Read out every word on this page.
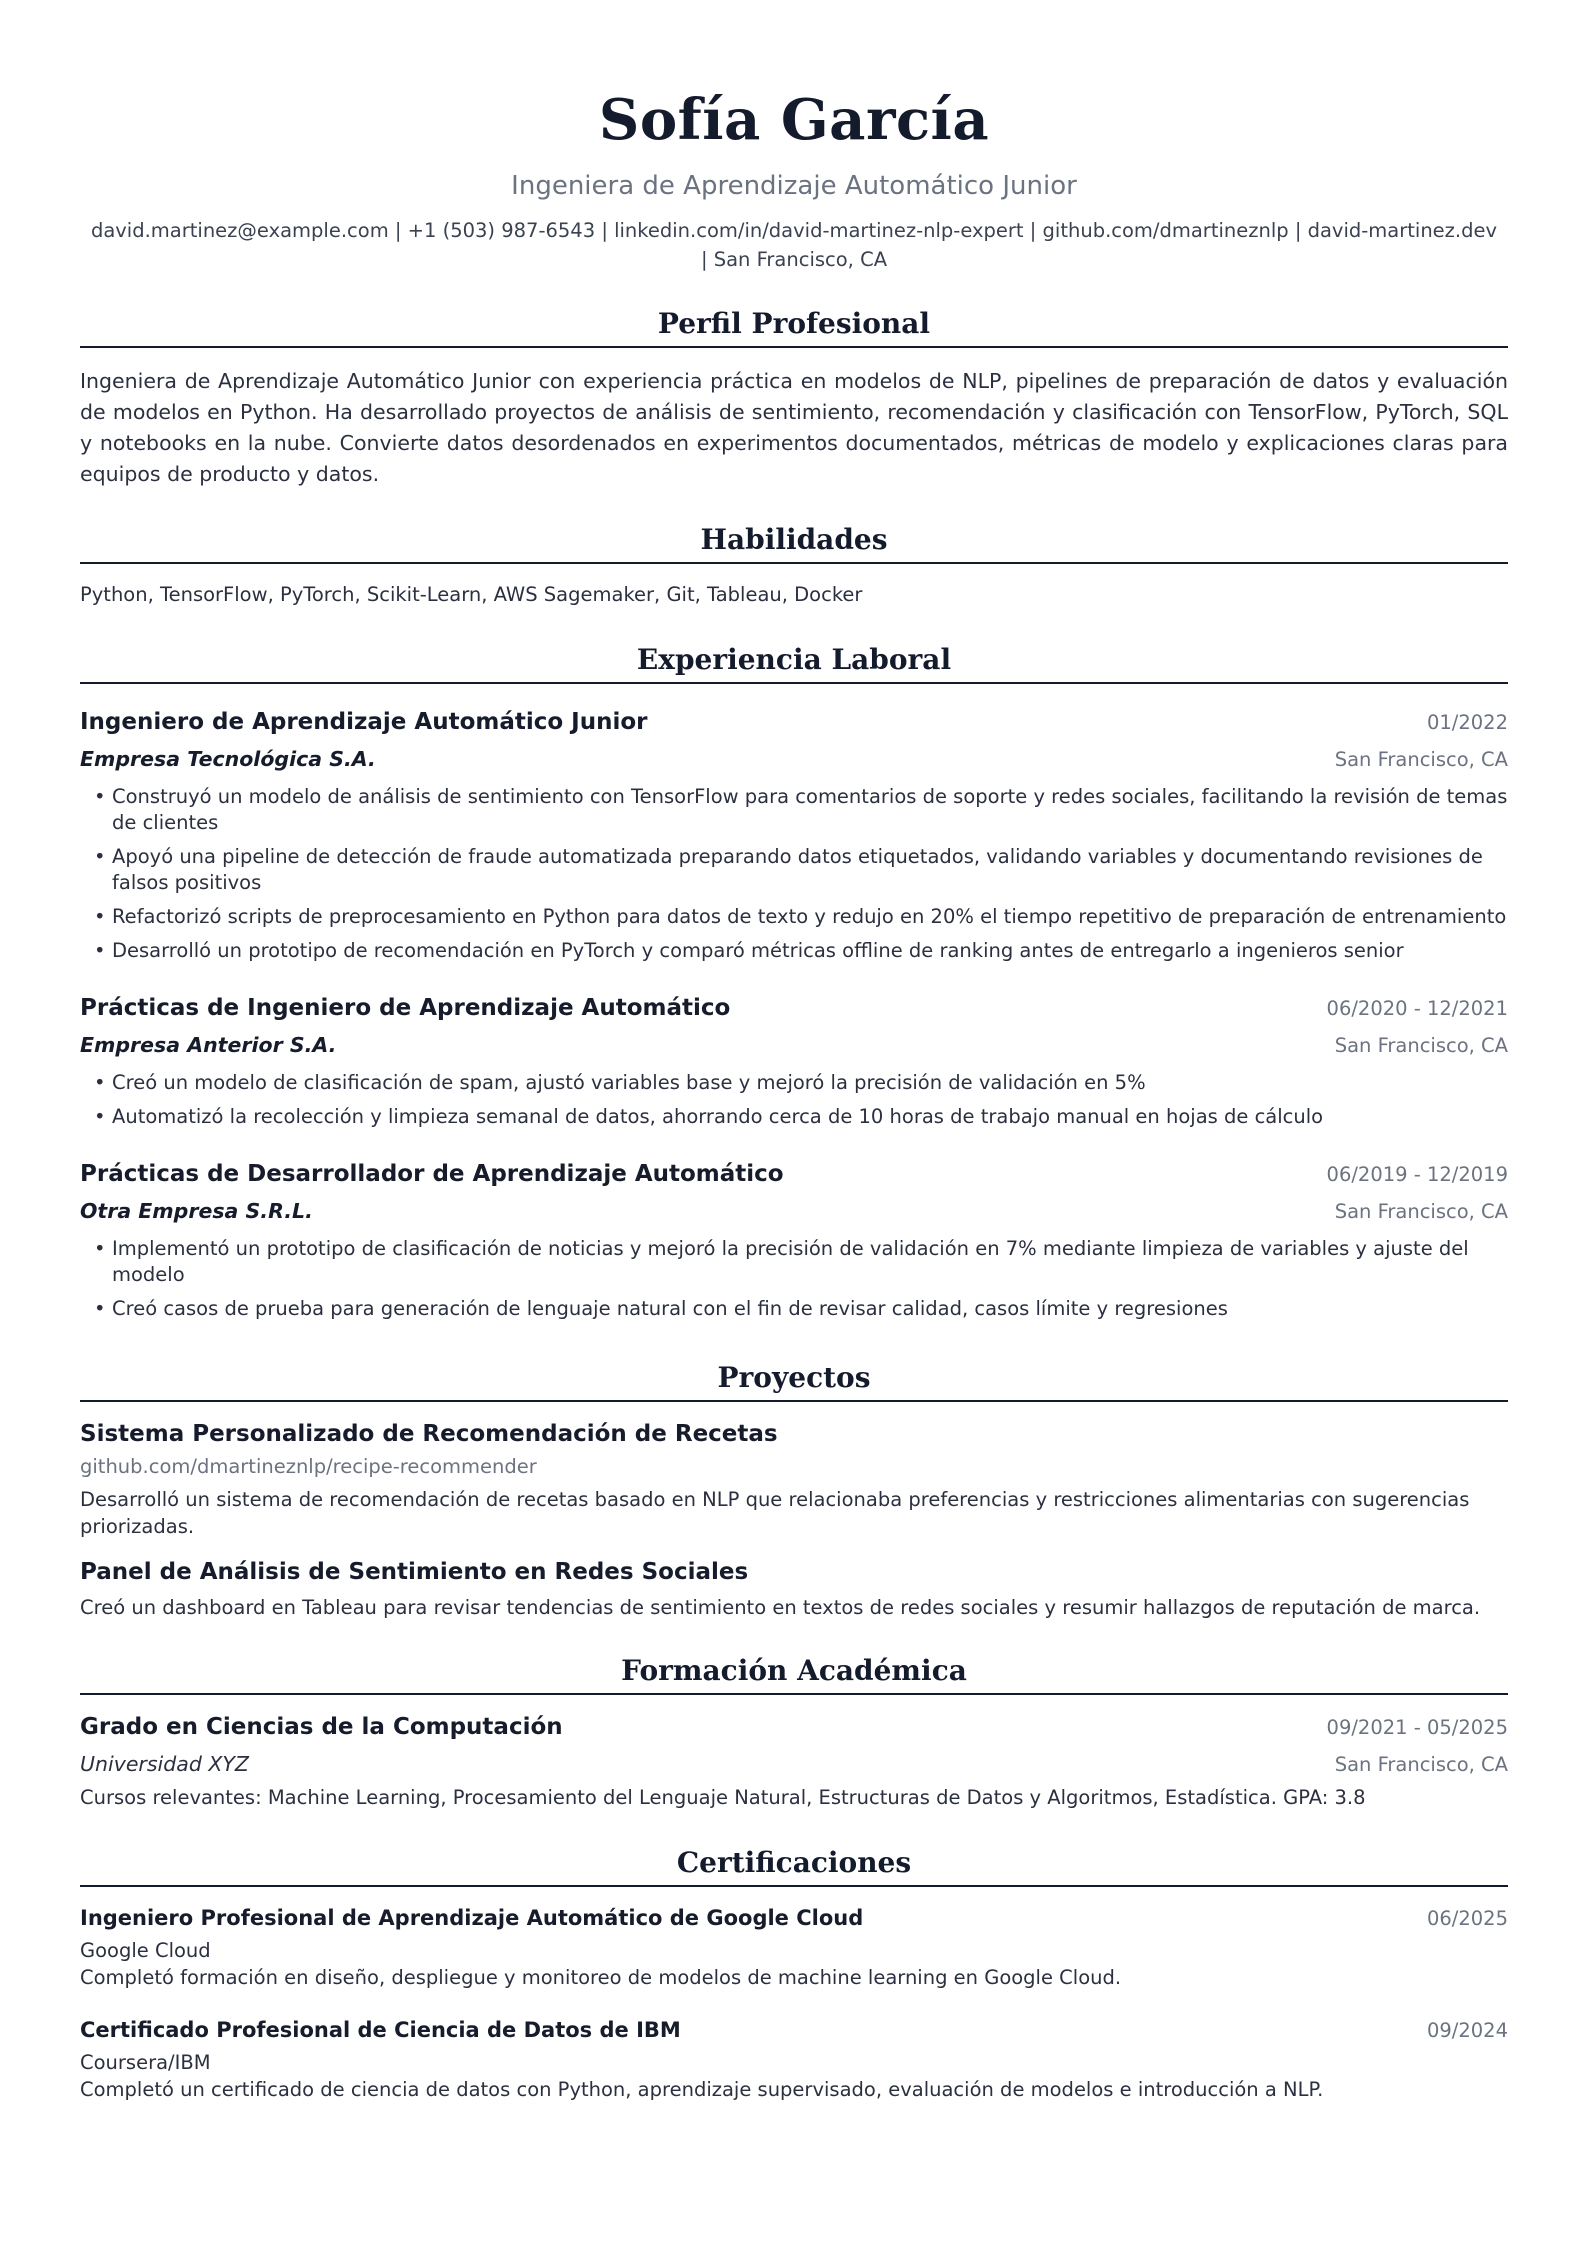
Sofía García
Ingeniera de Aprendizaje Automático Junior
david.martinez@example.com | +1 (503) 987-6543 | linkedin.com/in/david-martinez-nlp-expert | github.com/dmartineznlp | david-martinez.dev | San Francisco, CA
Perfil Profesional
Ingeniera de Aprendizaje Automático Junior con experiencia práctica en modelos de NLP, pipelines de preparación de datos y evaluación de modelos en Python. Ha desarrollado proyectos de análisis de sentimiento, recomendación y clasificación con TensorFlow, PyTorch, SQL y notebooks en la nube. Convierte datos desordenados en experimentos documentados, métricas de modelo y explicaciones claras para equipos de producto y datos.
Habilidades
Python, TensorFlow, PyTorch, Scikit-Learn, AWS Sagemaker, Git, Tableau, Docker
Experiencia Laboral
Ingeniero de Aprendizaje Automático Junior	01/2022
Empresa Tecnológica S.A.	San Francisco, CA
• Construyó un modelo de análisis de sentimiento con TensorFlow para comentarios de soporte y redes sociales, facilitando la revisión de temas de clientes
• Apoyó una pipeline de detección de fraude automatizada preparando datos etiquetados, validando variables y documentando revisiones de falsos positivos
• Refactorizó scripts de preprocesamiento en Python para datos de texto y redujo en 20% el tiempo repetitivo de preparación de entrenamiento
• Desarrolló un prototipo de recomendación en PyTorch y comparó métricas offline de ranking antes de entregarlo a ingenieros senior
Prácticas de Ingeniero de Aprendizaje Automático	06/2020 - 12/2021
Empresa Anterior S.A.	San Francisco, CA
• Creó un modelo de clasificación de spam, ajustó variables base y mejoró la precisión de validación en 5%
• Automatizó la recolección y limpieza semanal de datos, ahorrando cerca de 10 horas de trabajo manual en hojas de cálculo
Prácticas de Desarrollador de Aprendizaje Automático	06/2019 - 12/2019
Otra Empresa S.R.L.	San Francisco, CA
• Implementó un prototipo de clasificación de noticias y mejoró la precisión de validación en 7% mediante limpieza de variables y ajuste del modelo
• Creó casos de prueba para generación de lenguaje natural con el fin de revisar calidad, casos límite y regresiones
Proyectos
Sistema Personalizado de Recomendación de Recetas
github.com/dmartineznlp/recipe-recommender
Desarrolló un sistema de recomendación de recetas basado en NLP que relacionaba preferencias y restricciones alimentarias con sugerencias priorizadas.
Panel de Análisis de Sentimiento en Redes Sociales
Creó un dashboard en Tableau para revisar tendencias de sentimiento en textos de redes sociales y resumir hallazgos de reputación de marca.
Formación Académica
Grado en Ciencias de la Computación	09/2021 - 05/2025
Universidad XYZ	San Francisco, CA
Cursos relevantes: Machine Learning, Procesamiento del Lenguaje Natural, Estructuras de Datos y Algoritmos, Estadística. GPA: 3.8
Certificaciones
Ingeniero Profesional de Aprendizaje Automático de Google Cloud	06/2025
Google Cloud
Completó formación en diseño, despliegue y monitoreo de modelos de machine learning en Google Cloud.
Certificado Profesional de Ciencia de Datos de IBM	09/2024
Coursera/IBM
Completó un certificado de ciencia de datos con Python, aprendizaje supervisado, evaluación de modelos e introducción a NLP.
